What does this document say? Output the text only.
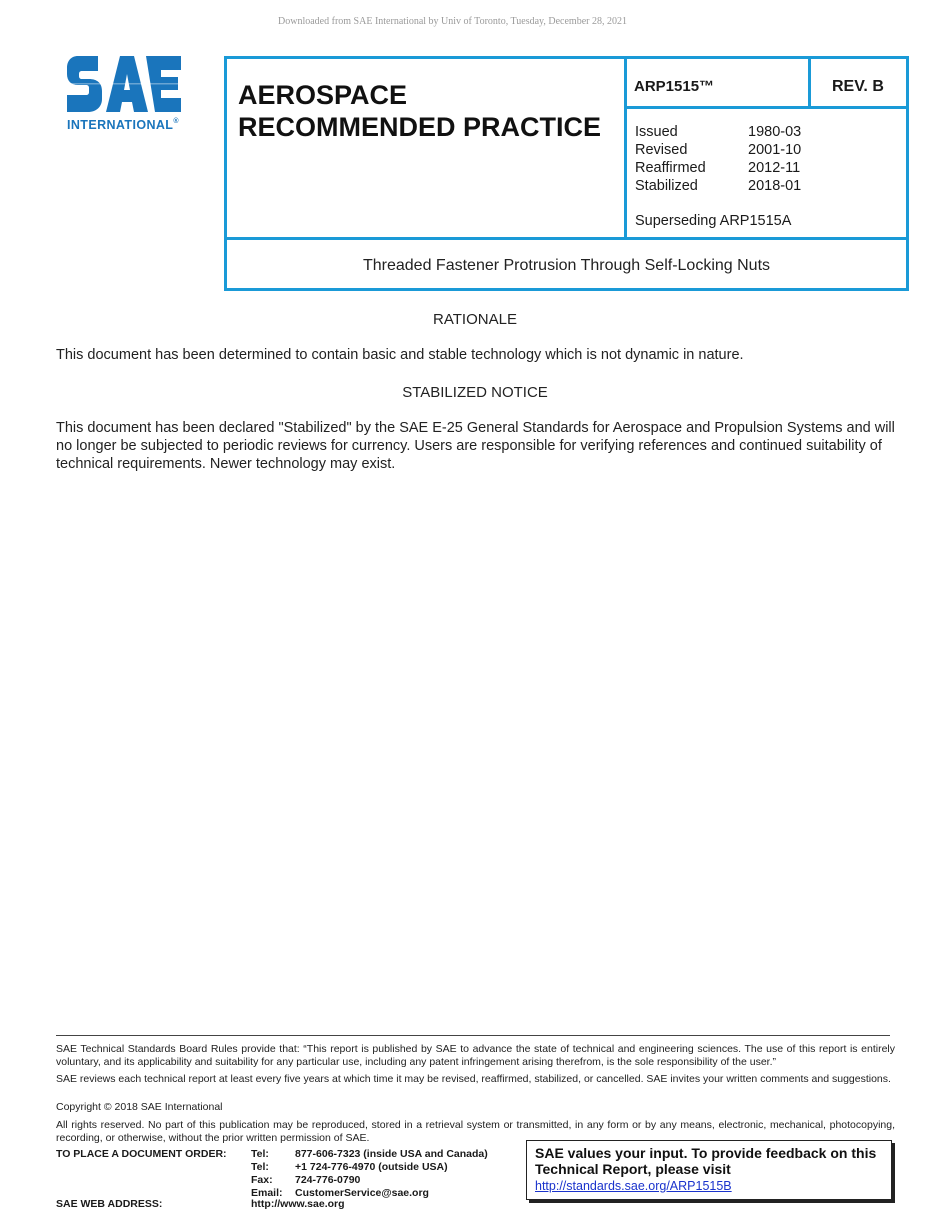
Downloaded from SAE International by Univ of Toronto, Tuesday, December 28, 2021
INTERNATIONAL®
AEROSPACE
RECOMMENDED PRACTICE
ARP1515™	REV. B
Issued	1980-03
Revised	2001-10
Reaffirmed	2012-11
Stabilized	2018-01
Superseding ARP1515A
Threaded Fastener Protrusion Through Self-Locking Nuts
RATIONALE
This document has been determined to contain basic and stable technology which is not dynamic in nature.
STABILIZED NOTICE
This document has been declared "Stabilized" by the SAE E-25 General Standards for Aerospace and Propulsion Systems and will no longer be subjected to periodic reviews for currency. Users are responsible for verifying references and continued suitability of technical requirements. Newer technology may exist.
SAE Technical Standards Board Rules provide that: “This report is published by SAE to advance the state of technical and engineering sciences. The use of this report is entirely voluntary, and its applicability and suitability for any particular use, including any patent infringement arising therefrom, is the sole responsibility of the user.”
SAE reviews each technical report at least every five years at which time it may be revised, reaffirmed, stabilized, or cancelled. SAE invites your written comments and suggestions.
Copyright © 2018 SAE International
All rights reserved. No part of this publication may be reproduced, stored in a retrieval system or transmitted, in any form or by any means, electronic, mechanical, photocopying, recording, or otherwise, without the prior written permission of SAE.
TO PLACE A DOCUMENT ORDER: Tel: 877-606-7323 (inside USA and Canada)
Tel: +1 724-776-4970 (outside USA)
Fax: 724-776-0790
Email: CustomerService@sae.org
SAE WEB ADDRESS:	http://www.sae.org
SAE values your input. To provide feedback on this Technical Report, please visit
http://standards.sae.org/ARP1515B
